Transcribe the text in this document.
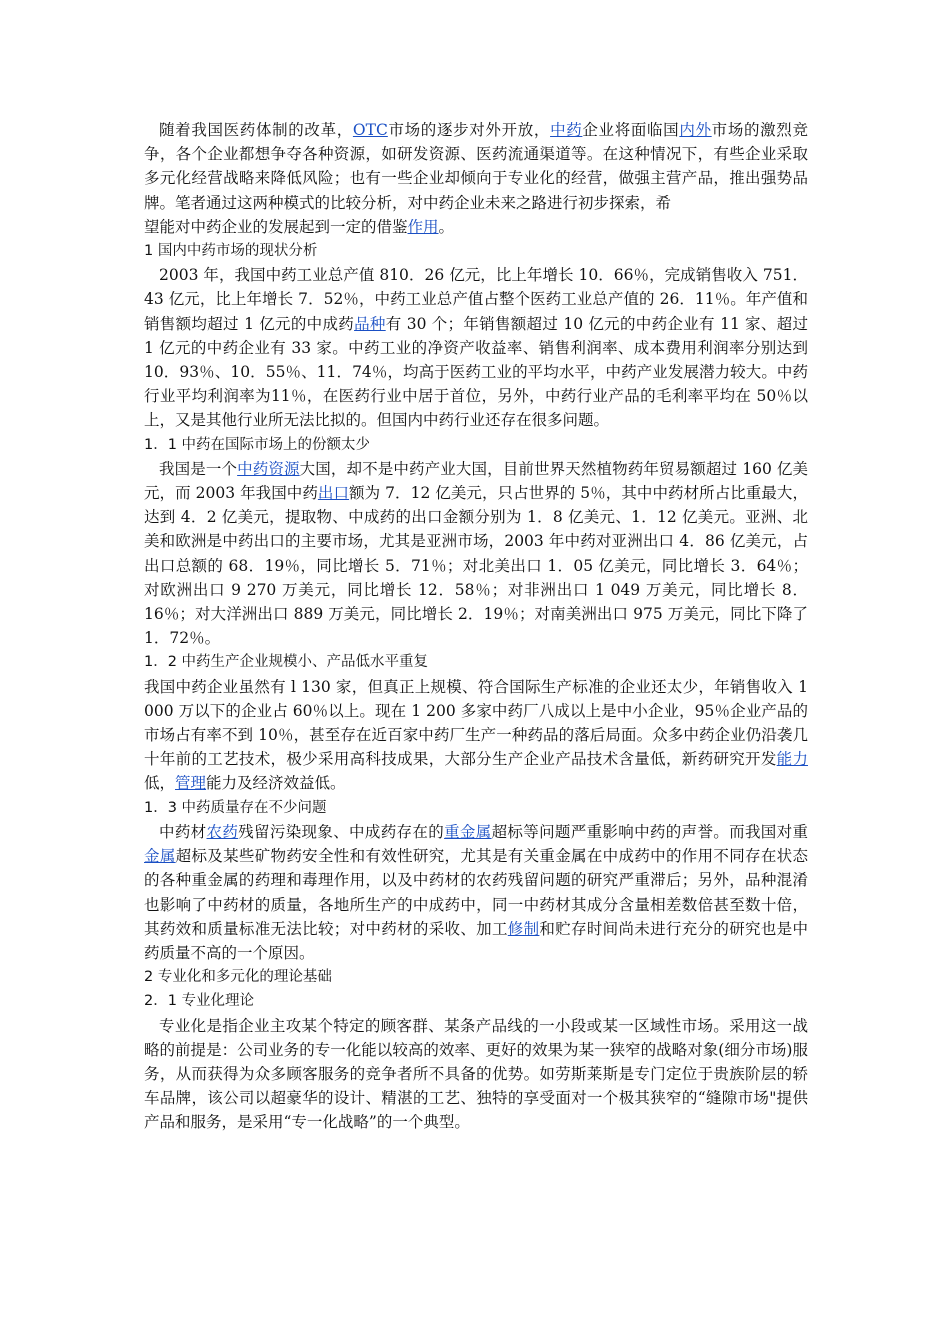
随着我国医药体制的改革，OTC市场的逐步对外开放，中药企业将面临国内外市场的激烈竞争，各个企业都想争夺各种资源，如研发资源、医药流通渠道等。在这种情况下，有些企业采取多元化经营战略来降低风险；也有一些企业却倾向于专业化的经营，做强主营产品，推出强势品牌。笔者通过这两种模式的比较分析，对中药企业未来之路进行初步探索，希

望能对中药企业的发展起到一定的借鉴作用。

1 国内中药市场的现状分析

2003 年，我国中药工业总产值 810．26 亿元，比上年增长 10．66％，完成销售收入 751．43 亿元，比上年增长 7．52％，中药工业总产值占整个医药工业总产值的 26．11％。年产值和销售额均超过 1 亿元的中成药品种有 30 个；年销售额超过 10 亿元的中药企业有 11 家、超过 1 亿元的中药企业有 33 家。中药工业的净资产收益率、销售利润率、成本费用利润率分别达到 10．93％、10．55％、11．74％，均高于医药工业的平均水平，中药产业发展潜力较大。中药行业平均利润率为11％，在医药行业中居于首位，另外，中药行业产品的毛利率平均在 50％以上，又是其他行业所无法比拟的。但国内中药行业还存在很多问题。

1．1 中药在国际市场上的份额太少

我国是一个中药资源大国，却不是中药产业大国，目前世界天然植物药年贸易额超过 160 亿美元，而 2003 年我国中药出口额为 7．12 亿美元，只占世界的 5％，其中中药材所占比重最大，达到 4．2 亿美元，提取物、中成药的出口金额分别为 1．8 亿美元、1．12 亿美元。亚洲、北美和欧洲是中药出口的主要市场，尤其是亚洲市场，2003 年中药对亚洲出口 4．86 亿美元，占出口总额的 68．19％，同比增长 5．71％；对北美出口 1．05 亿美元，同比增长 3．64％；对欧洲出口 9 270 万美元，同比增长 12．58％；对非洲出口 1 049 万美元，同比增长 8．16％；对大洋洲出口 889 万美元，同比增长 2．19％；对南美洲出口 975 万美元，同比下降了 1．72％。

1．2 中药生产企业规模小、产品低水平重复

我国中药企业虽然有 l 130 家，但真正上规模、符合国际生产标准的企业还太少，年销售收入 1 000 万以下的企业占 60％以上。现在 1 200 多家中药厂八成以上是中小企业，95％企业产品的市场占有率不到 10％，甚至存在近百家中药厂生产一种药品的落后局面。众多中药企业仍沿袭几十年前的工艺技术，极少采用高科技成果，大部分生产企业产品技术含量低，新药研究开发能力低，管理能力及经济效益低。

1．3 中药质量存在不少问题

中药材农药残留污染现象、中成药存在的重金属超标等问题严重影响中药的声誉。而我国对重金属超标及某些矿物药安全性和有效性研究，尤其是有关重金属在中成药中的作用不同存在状态的各种重金属的药理和毒理作用，以及中药材的农药残留问题的研究严重滞后；另外，品种混淆也影响了中药材的质量，各地所生产的中成药中，同一中药材其成分含量相差数倍甚至数十倍，其药效和质量标准无法比较；对中药材的采收、加工修制和贮存时间尚未进行充分的研究也是中药质量不高的一个原因。

2 专业化和多元化的理论基础

2．1 专业化理论

专业化是指企业主攻某个特定的顾客群、某条产品线的一小段或某一区域性市场。采用这一战略的前提是：公司业务的专一化能以较高的效率、更好的效果为某一狭窄的战略对象(细分市场)服务，从而获得为众多顾客服务的竞争者所不具备的优势。如劳斯莱斯是专门定位于贵族阶层的轿车品牌，该公司以超豪华的设计、精湛的工艺、独特的享受面对一个极其狭窄的“缝隙市场"提供产品和服务，是采用“专一化战略”的一个典型。
